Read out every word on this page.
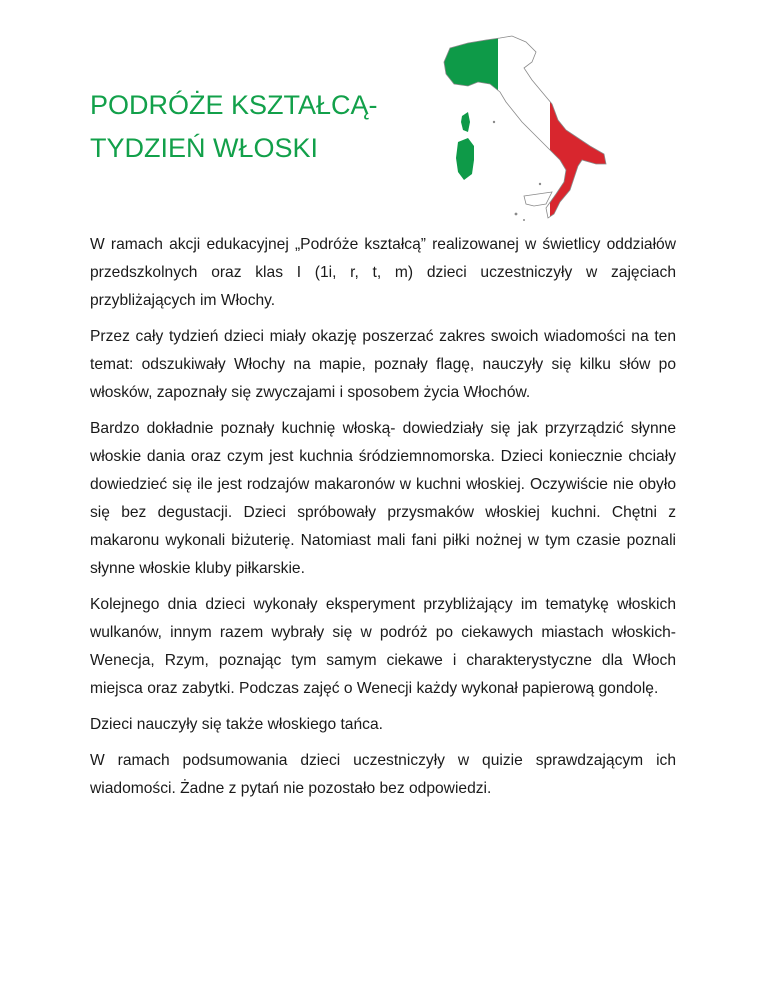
PODRÓŻE KSZTAŁCĄ-
TYDZIEŃ WŁOSKI

W ramach akcji edukacyjnej „Podróże kształcą” realizowanej w świetlicy oddziałów przedszkolnych oraz klas I (1i, r, t, m) dzieci uczestniczyły w zajęciach przybliżających im Włochy.

Przez cały tydzień dzieci miały okazję poszerzać zakres swoich wiadomości na ten temat: odszukiwały Włochy na mapie, poznały flagę, nauczyły się kilku słów po włosków, zapoznały się zwyczajami i sposobem życia Włochów.

Bardzo dokładnie poznały kuchnię włoską- dowiedziały się jak przyrządzić słynne włoskie dania oraz czym jest kuchnia śródziemnomorska. Dzieci koniecznie chciały dowiedzieć się ile jest rodzajów makaronów w kuchni włoskiej. Oczywiście nie obyło się bez degustacji. Dzieci spróbowały przysmaków włoskiej kuchni. Chętni z makaronu wykonali biżuterię. Natomiast mali fani piłki nożnej w tym czasie poznali słynne włoskie kluby piłkarskie.

Kolejnego dnia dzieci wykonały eksperyment przybliżający im tematykę włoskich wulkanów, innym razem wybrały się w podróż po ciekawych miastach włoskich- Wenecja, Rzym, poznając tym samym ciekawe i charakterystyczne dla Włoch miejsca oraz zabytki. Podczas zajęć o Wenecji każdy wykonał papierową gondolę.

Dzieci nauczyły się także włoskiego tańca.

W ramach podsumowania dzieci uczestniczyły w quizie sprawdzającym ich wiadomości. Żadne z pytań nie pozostało bez odpowiedzi.
